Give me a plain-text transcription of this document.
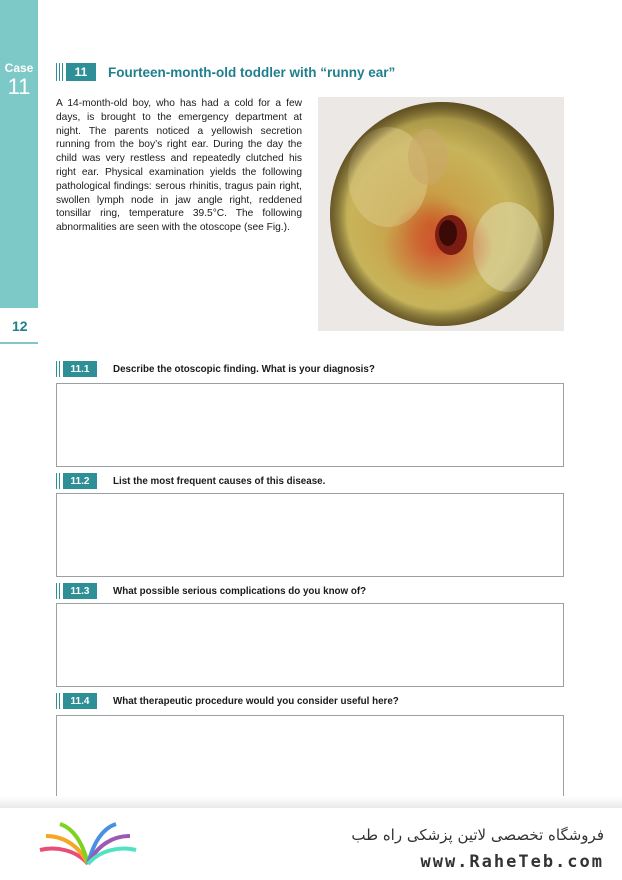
Case
11
12
11	Fourteen-month-old toddler with “runny ear”
A 14-month-old boy, who has had a cold for a few days, is brought to the emergency department at night. The parents noticed a yellowish secretion running from the boy’s right ear. During the day the child was very restless and repeatedly clutched his right ear. Physical examination yields the following pathological findings: serous rhinitis, tragus pain right, swollen lymph node in jaw angle right, reddened tonsillar ring, temperature 39.5°C. The following abnormalities are seen with the otoscope (see Fig.).
11.1	Describe the otoscopic finding. What is your diagnosis?
11.2	List the most frequent causes of this disease.
11.3	What possible serious complications do you know of?
11.4	What therapeutic procedure would you consider useful here?
فروشگاه تخصصی لاتین پزشکی راه طب
www.RaheTeb.com
